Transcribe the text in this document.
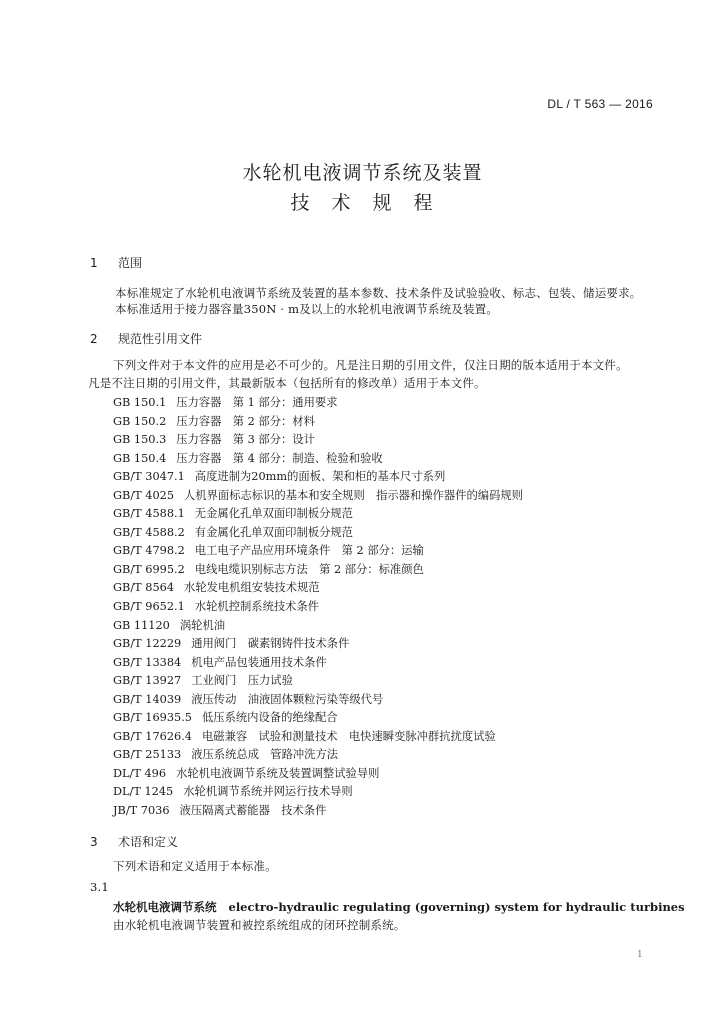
DL / T 563 — 2016
水轮机电液调节系统及装置
技术规程
1 范围
本标准规定了水轮机电液调节系统及装置的基本参数、技术条件及试验验收、标志、包装、储运要求。
本标准适用于接力器容量350N · m及以上的水轮机电液调节系统及装置。
2 规范性引用文件
下列文件对于本文件的应用是必不可少的。凡是注日期的引用文件，仅注日期的版本适用于本文件。
凡是不注日期的引用文件，其最新版本（包括所有的修改单）适用于本文件。
GB 150.1 压力容器　第 1 部分：通用要求
GB 150.2 压力容器　第 2 部分：材料
GB 150.3 压力容器　第 3 部分：设计
GB 150.4 压力容器　第 4 部分：制造、检验和验收
GB/T 3047.1 高度进制为20mm的面板、架和柜的基本尺寸系列
GB/T 4025 人机界面标志标识的基本和安全规则　指示器和操作器件的编码规则
GB/T 4588.1 无金属化孔单双面印制板分规范
GB/T 4588.2 有金属化孔单双面印制板分规范
GB/T 4798.2 电工电子产品应用环境条件　第 2 部分：运输
GB/T 6995.2 电线电缆识别标志方法　第 2 部分：标准颜色
GB/T 8564 水轮发电机组安装技术规范
GB/T 9652.1 水轮机控制系统技术条件
GB 11120 涡轮机油
GB/T 12229 通用阀门　碳素钢铸件技术条件
GB/T 13384 机电产品包装通用技术条件
GB/T 13927 工业阀门　压力试验
GB/T 14039 液压传动　油液固体颗粒污染等级代号
GB/T 16935.5 低压系统内设备的绝缘配合
GB/T 17626.4 电磁兼容　试验和测量技术　电快速瞬变脉冲群抗扰度试验
GB/T 25133 液压系统总成　管路冲洗方法
DL/T 496 水轮机电液调节系统及装置调整试验导则
DL/T 1245 水轮机调节系统并网运行技术导则
JB/T 7036 液压隔离式蓄能器　技术条件
3 术语和定义
下列术语和定义适用于本标准。
3.1
水轮机电液调节系统 electro-hydraulic regulating (governing) system for hydraulic turbines
由水轮机电液调节装置和被控系统组成的闭环控制系统。
1
